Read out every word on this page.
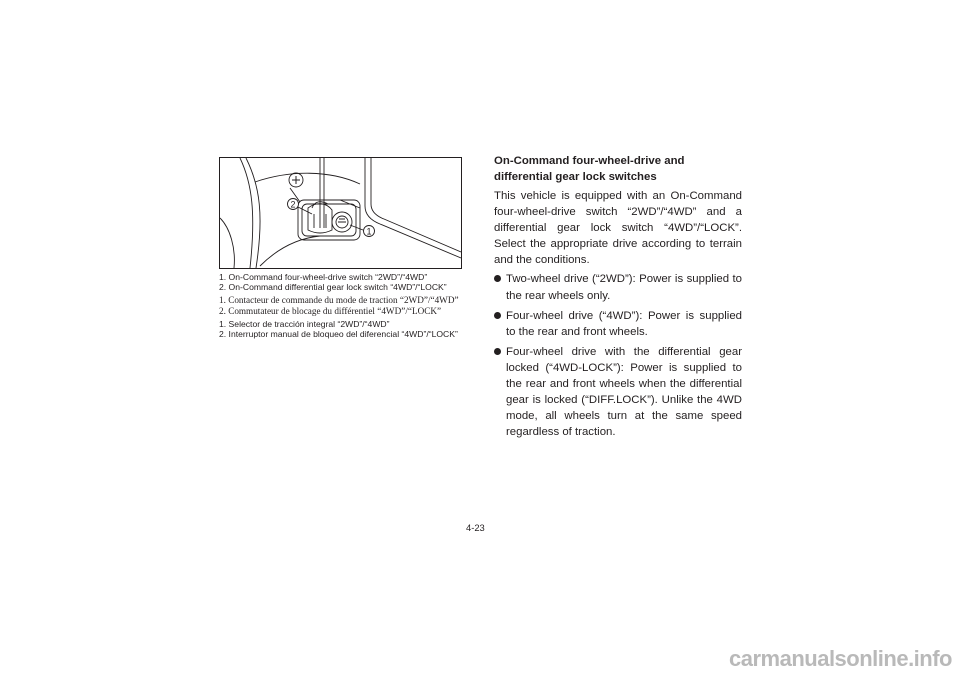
2
1
1. On-Command four-wheel-drive switch “2WD”/“4WD”
2. On-Command differential gear lock switch “4WD”/“LOCK”
1. Contacteur de commande du mode de traction “2WD”/“4WD”
2. Commutateur de blocage du différentiel “4WD”/“LOCK”
1. Selector de tracción integral “2WD”/“4WD”
2. Interruptor manual de bloqueo del diferencial “4WD”/“LOCK”
On-Command four-wheel-drive and differential gear lock switches

This vehicle is equipped with an On-Command four-wheel-drive switch “2WD”/“4WD” and a differential gear lock switch “4WD”/“LOCK”. Select the appropriate drive according to terrain and the conditions.

Two-wheel drive (“2WD”): Power is supplied to the rear wheels only.
Four-wheel drive (“4WD”): Power is supplied to the rear and front wheels.
Four-wheel drive with the differential gear locked (“4WD-LOCK”): Power is supplied to the rear and front wheels when the differential gear is locked (“DIFF.LOCK”). Unlike the 4WD mode, all wheels turn at the same speed regardless of traction.
4-23
carmanualsonline.info
